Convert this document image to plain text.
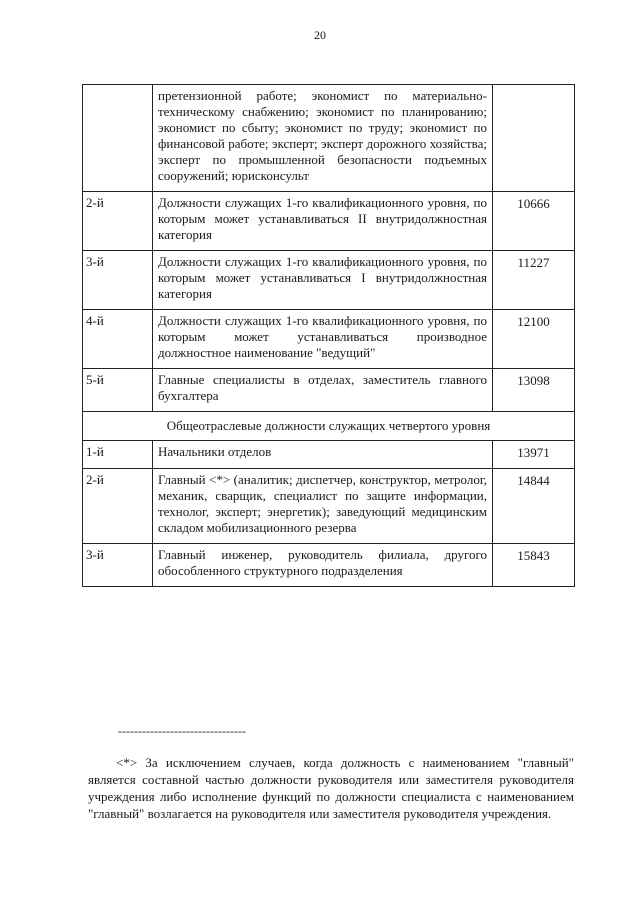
20
	претензионной работе; экономист по материально-техническому снабжению; экономист по планированию; экономист по сбыту; экономист по труду; экономист по финансовой работе; эксперт; эксперт дорожного хозяйства; эксперт по промышленной безопасности подъемных сооружений; юрисконсульт	
2-й	Должности служащих 1-го квалификационного уровня, по которым может устанавливаться II внутридолжностная категория	10666
3-й	Должности служащих 1-го квалификационного уровня, по которым может устанавливаться I внутридолжностная категория	11227
4-й	Должности служащих 1-го квалификационного уровня, по которым может устанавливаться производное должностное наименование "ведущий"	12100
5-й	Главные специалисты в отделах, заместитель главного бухгалтера	13098
Общеотраслевые должности служащих четвертого уровня		
1-й	Начальники отделов	13971
2-й	Главный <*> (аналитик; диспетчер, конструктор, метролог, механик, сварщик, специалист по защите информации, технолог, эксперт; энергетик); заведующий медицинским складом мобилизационного резерва	14844
3-й	Главный инженер, руководитель филиала, другого обособленного структурного подразделения	15843
--------------------------------

<*> За исключением случаев, когда должность с наименованием "главный" является составной частью должности руководителя или заместителя руководителя учреждения либо исполнение функций по должности специалиста с наименованием "главный" возлагается на руководителя или заместителя руководителя учреждения.
